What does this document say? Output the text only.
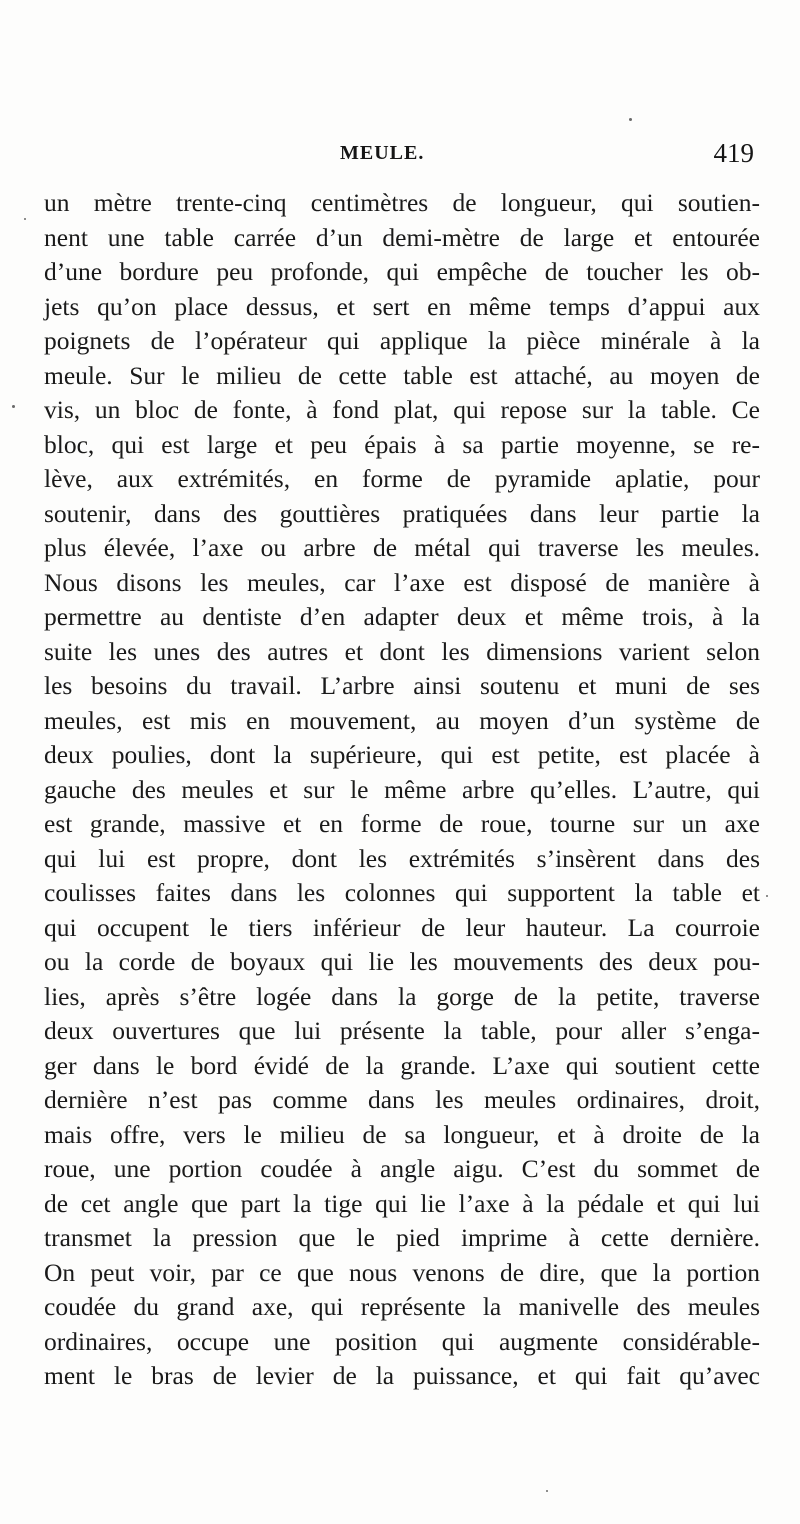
MEULE.	419
un mètre trente-cinq centimètres de longueur, qui soutien-
nent une table carrée d’un demi-mètre de large et entourée
d’une bordure peu profonde, qui empêche de toucher les ob-
jets qu’on place dessus, et sert en même temps d’appui aux
poignets de l’opérateur qui applique la pièce minérale à la
meule. Sur le milieu de cette table est attaché, au moyen de
vis, un bloc de fonte, à fond plat, qui repose sur la table. Ce
bloc, qui est large et peu épais à sa partie moyenne, se re-
lève, aux extrémités, en forme de pyramide aplatie, pour
soutenir, dans des gouttières pratiquées dans leur partie la
plus élevée, l’axe ou arbre de métal qui traverse les meules.
Nous disons les meules, car l’axe est disposé de manière à
permettre au dentiste d’en adapter deux et même trois, à la
suite les unes des autres et dont les dimensions varient selon
les besoins du travail. L’arbre ainsi soutenu et muni de ses
meules, est mis en mouvement, au moyen d’un système de
deux poulies, dont la supérieure, qui est petite, est placée à
gauche des meules et sur le même arbre qu’elles. L’autre, qui
est grande, massive et en forme de roue, tourne sur un axe
qui lui est propre, dont les extrémités s’insèrent dans des
coulisses faites dans les colonnes qui supportent la table et
qui occupent le tiers inférieur de leur hauteur. La courroie
ou la corde de boyaux qui lie les mouvements des deux pou-
lies, après s’être logée dans la gorge de la petite, traverse
deux ouvertures que lui présente la table, pour aller s’enga-
ger dans le bord évidé de la grande. L’axe qui soutient cette
dernière n’est pas comme dans les meules ordinaires, droit,
mais offre, vers le milieu de sa longueur, et à droite de la
roue, une portion coudée à angle aigu. C’est du sommet de
de cet angle que part la tige qui lie l’axe à la pédale et qui lui
transmet la pression que le pied imprime à cette dernière.
On peut voir, par ce que nous venons de dire, que la portion
coudée du grand axe, qui représente la manivelle des meules
ordinaires, occupe une position qui augmente considérable-
ment le bras de levier de la puissance, et qui fait qu’avec
